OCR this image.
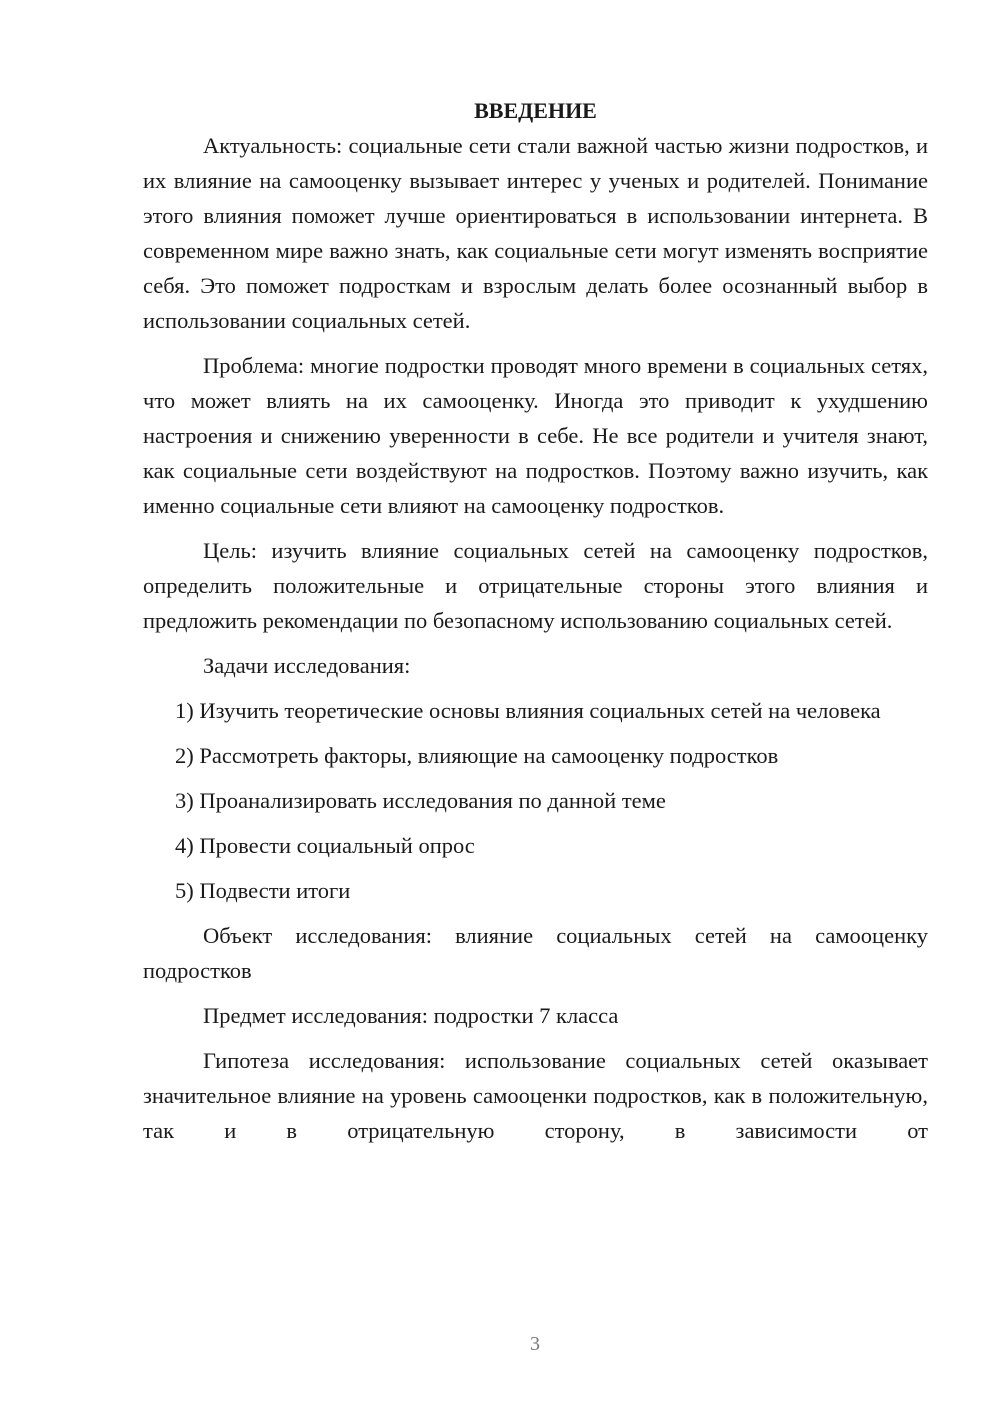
ВВЕДЕНИЕ

Актуальность: социальные сети стали важной частью жизни подростков, и их влияние на самооценку вызывает интерес у ученых и родителей. Понимание этого влияния поможет лучше ориентироваться в использовании интернета. В современном мире важно знать, как социальные сети могут изменять восприятие себя. Это поможет подросткам и взрослым делать более осознанный выбор в использовании социальных сетей.

Проблема: многие подростки проводят много времени в социальных сетях, что может влиять на их самооценку. Иногда это приводит к ухудшению настроения и снижению уверенности в себе. Не все родители и учителя знают, как социальные сети воздействуют на подростков. Поэтому важно изучить, как именно социальные сети влияют на самооценку подростков.

Цель: изучить влияние социальных сетей на самооценку подростков, определить положительные и отрицательные стороны этого влияния и предложить рекомендации по безопасному использованию социальных сетей.

Задачи исследования:

1) Изучить теоретические основы влияния социальных сетей на человека

2) Рассмотреть факторы, влияющие на самооценку подростков

3) Проанализировать исследования по данной теме

4) Провести социальный опрос

5) Подвести итоги

Объект исследования: влияние социальных сетей на самооценку подростков

Предмет исследования: подростки 7 класса

Гипотеза исследования: использование социальных сетей оказывает значительное влияние на уровень самооценки подростков, как в положительную, так и в отрицательную сторону, в зависимости от

3
